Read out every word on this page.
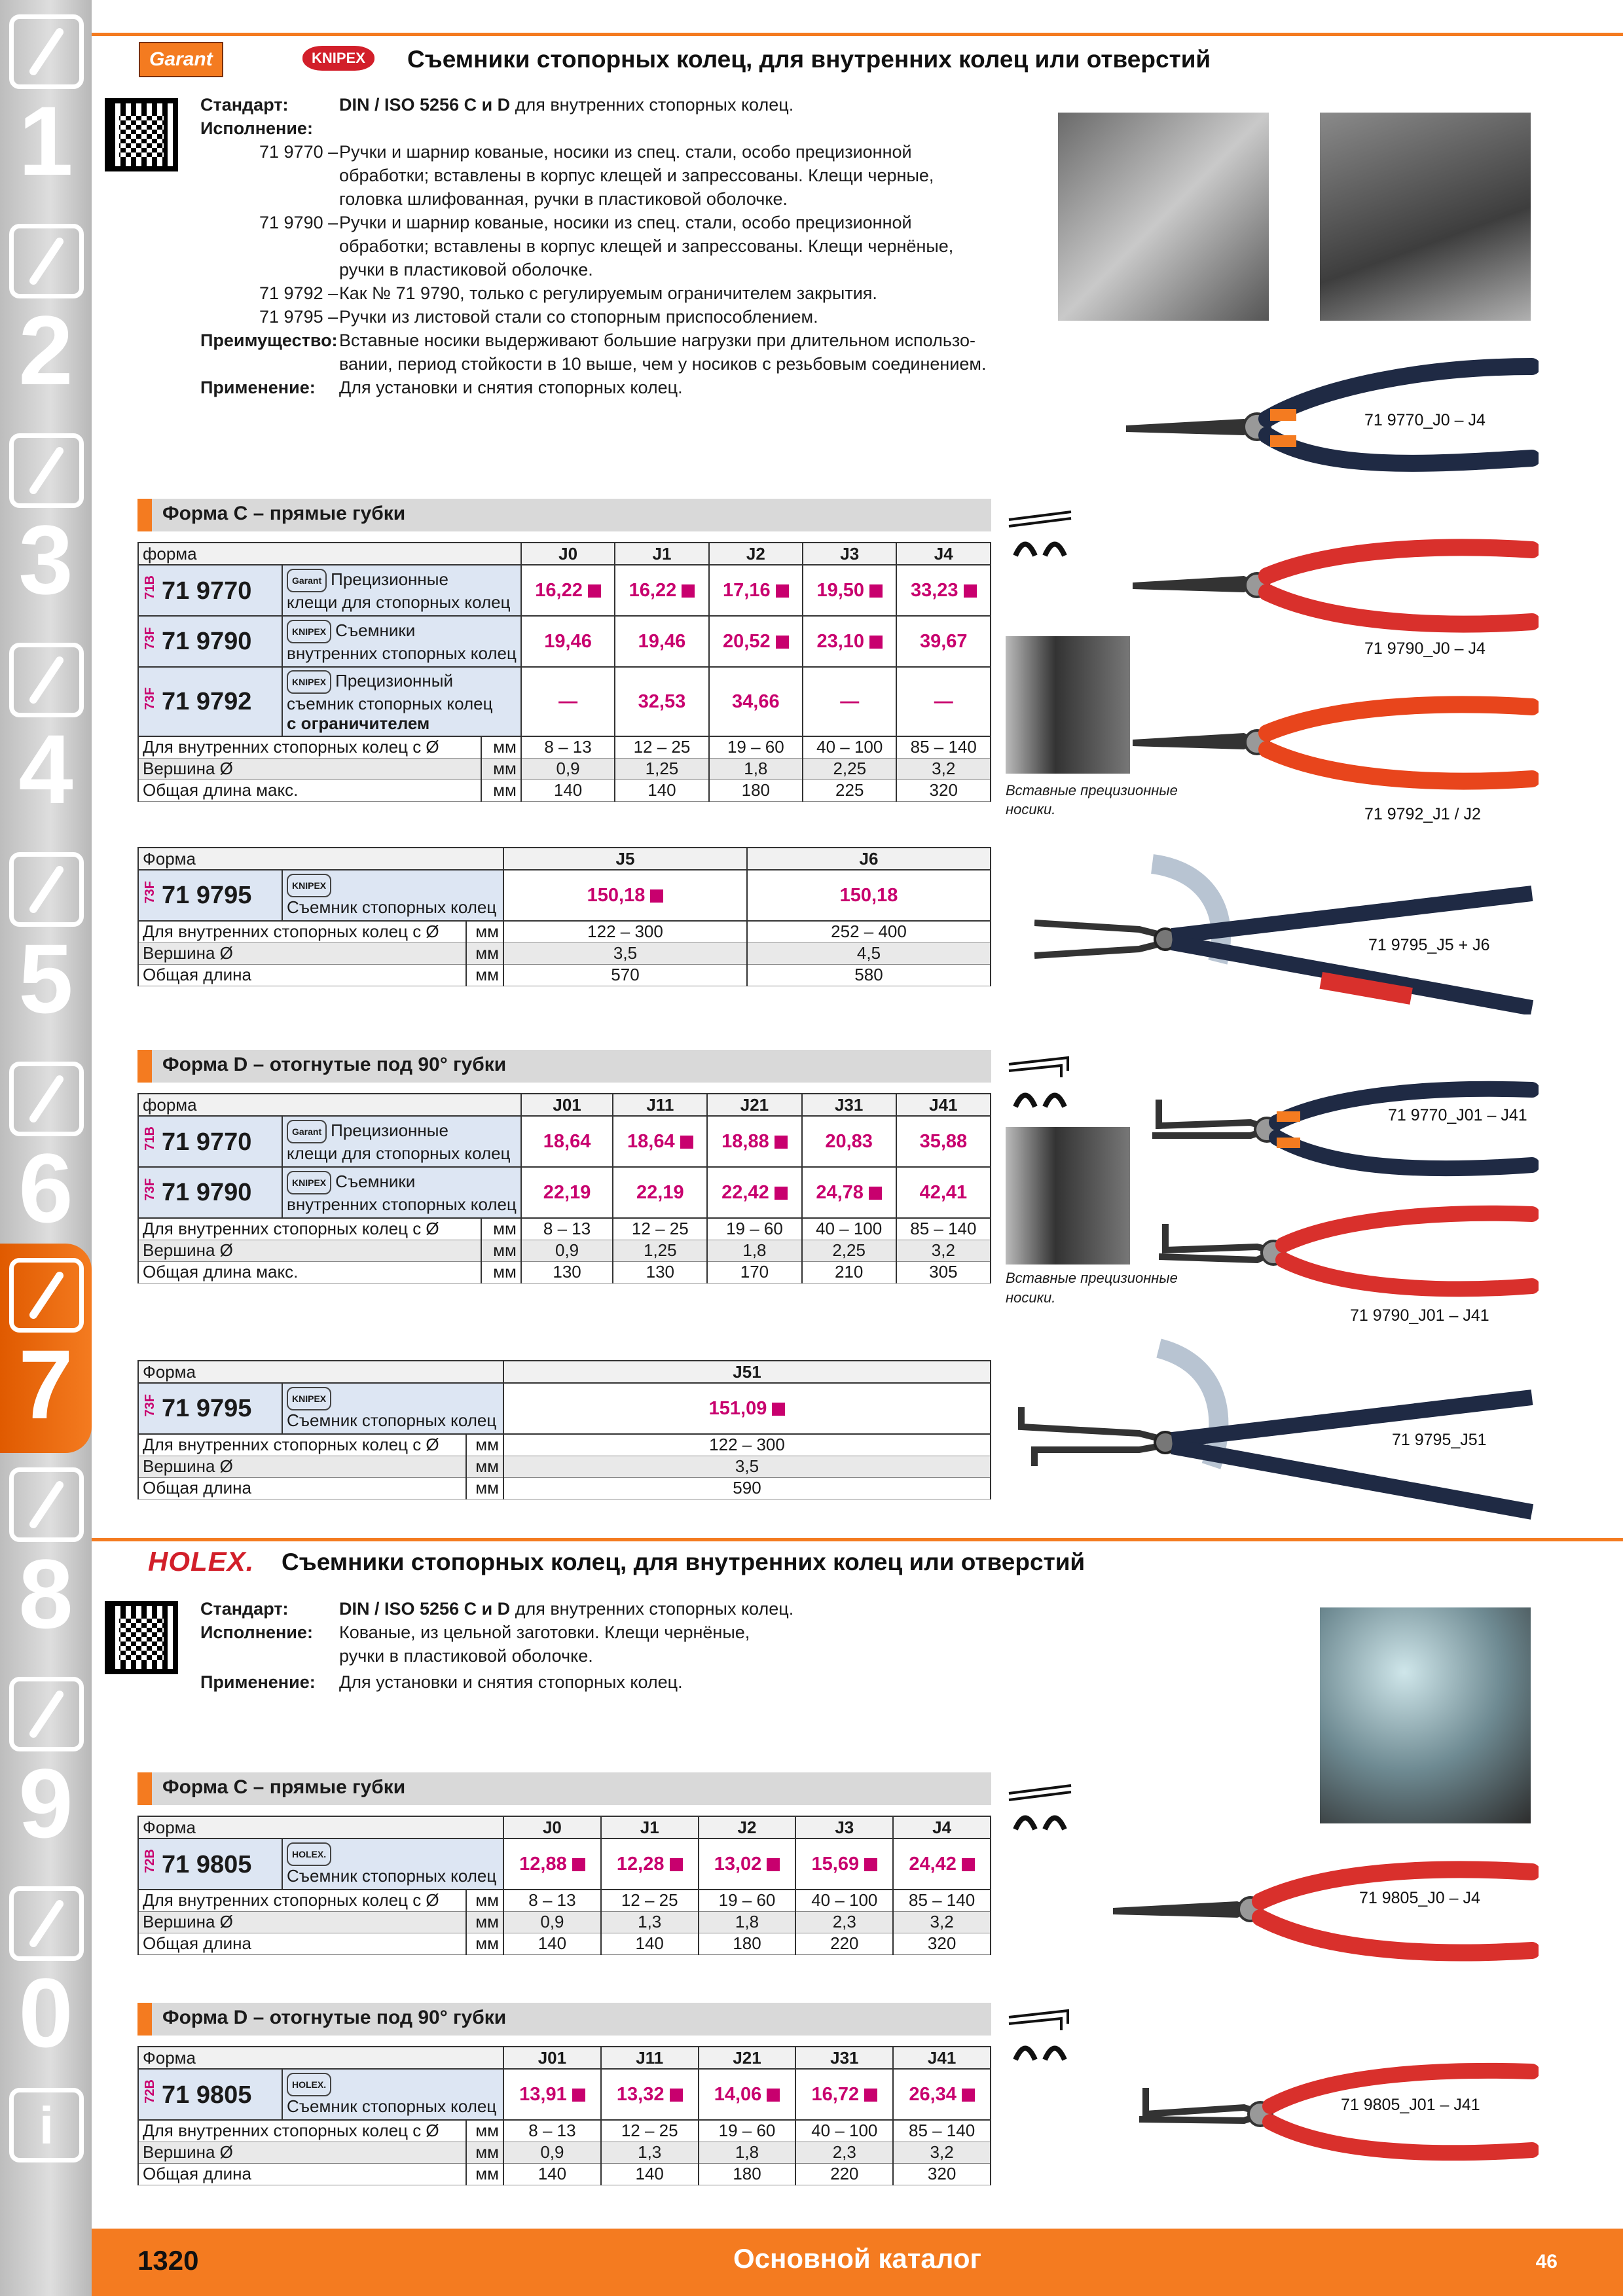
1
2
3
4
5
6
7
8
9
0
i
Garant	KNIPEX	Съемники стопорных колец, для внутренних колец или отверстий
Стандарт:	DIN / ISO 5256 C и D для внутренних стопорных колец.
Исполнение:
71 9770 – Ручки и шарнир кованые, носики из спец. стали, особо прецизионной
обработки; вставлены в корпус клещей и запрессованы. Клещи черные,
головка шлифованная, ручки в пластиковой оболочке.
71 9790 – Ручки и шарнир кованые, носики из спец. стали, особо прецизионной
обработки; вставлены в корпус клещей и запрессованы. Клещи чернёные,
ручки в пластиковой оболочке.
71 9792 – Как № 71 9790, только с регулируемым ограничителем закрытия.
71 9795 – Ручки из листовой стали со стопорным приспособлением.
Преимущество: Вставные носики выдерживают большие нагрузки при длительном использо-
вании, период стойкости в 10 выше, чем у носиков с резьбовым соединением.
Применение: Для установки и снятия стопорных колец.
71 9770_J0 – J4
71 9790_J0 – J4
71 9792_J1 / J2
Вставные прецизионные
носики.
71 9795_J5 + J6
Форма C – прямые губки
форма			J0	J1	J2	J3	J4
71B 71 9770	Garant Прецизионные
клещи для стопорных колец		16,22	16,22	17,16	19,50	33,23
73F 71 9790	KNIPEX Съемники
внутренних стопорных колец		19,46	19,46	20,52	23,10	39,67
73F 71 9792	KNIPEX Прецизионный
съемник стопорных колец
с ограничителем		—	32,53	34,66	—	—
Для внутренних стопорных колец с Ø		мм	8 – 13	12 – 25	19 – 60	40 – 100	85 – 140
Вершина Ø		мм	0,9	1,25	1,8	2,25	3,2
Общая длина макс.		мм	140	140	180	225	320
Форма			J5	J6
73F 71 9795	KNIPEX
Съемник стопорных колец		150,18	150,18
Для внутренних стопорных колец с Ø		мм	122 – 300	252 – 400
Вершина Ø		мм	3,5	4,5
Общая длина		мм	570	580
Форма D – отогнутые под 90° губки
форма			J01	J11	J21	J31	J41
71B 71 9770	Garant Прецизионные
клещи для стопорных колец		18,64	18,64	18,88	20,83	35,88
73F 71 9790	KNIPEX Съемники
внутренних стопорных колец		22,19	22,19	22,42	24,78	42,41
Для внутренних стопорных колец с Ø		мм	8 – 13	12 – 25	19 – 60	40 – 100	85 – 140
Вершина Ø		мм	0,9	1,25	1,8	2,25	3,2
Общая длина макс.		мм	130	130	170	210	305
Форма			J51
73F 71 9795	KNIPEX
Съемник стопорных колец		151,09
Для внутренних стопорных колец с Ø		мм	122 – 300
Вершина Ø		мм	3,5
Общая длина		мм	590
71 9770_J01 – J41
Вставные прецизионные
носики.
71 9790_J01 – J41
71 9795_J51
HOLEX. Съемники стопорных колец, для внутренних колец или отверстий
Стандарт:	DIN / ISO 5256 C и D для внутренних стопорных колец.
Исполнение: Кованые, из цельной заготовки. Клещи чернёные,
ручки в пластиковой оболочке.
Применение: Для установки и снятия стопорных колец.
Форма C – прямые губки
Форма			J0	J1	J2	J3	J4
72B 71 9805	HOLEX.
Съемник стопорных колец		12,88	12,28	13,02	15,69	24,42
Для внутренних стопорных колец с Ø		мм	8 – 13	12 – 25	19 – 60	40 – 100	85 – 140
Вершина Ø		мм	0,9	1,3	1,8	2,3	3,2
Общая длина		мм	140	140	180	220	320
Форма D – отогнутые под 90° губки
Форма			J01	J11	J21	J31	J41
72B 71 9805	HOLEX.
Съемник стопорных колец		13,91	13,32	14,06	16,72	26,34
Для внутренних стопорных колец с Ø		мм	8 – 13	12 – 25	19 – 60	40 – 100	85 – 140
Вершина Ø		мм	0,9	1,3	1,8	2,3	3,2
Общая длина		мм	140	140	180	220	320
71 9805_J0 – J4
71 9805_J01 – J41
1320	Основной каталог	46
